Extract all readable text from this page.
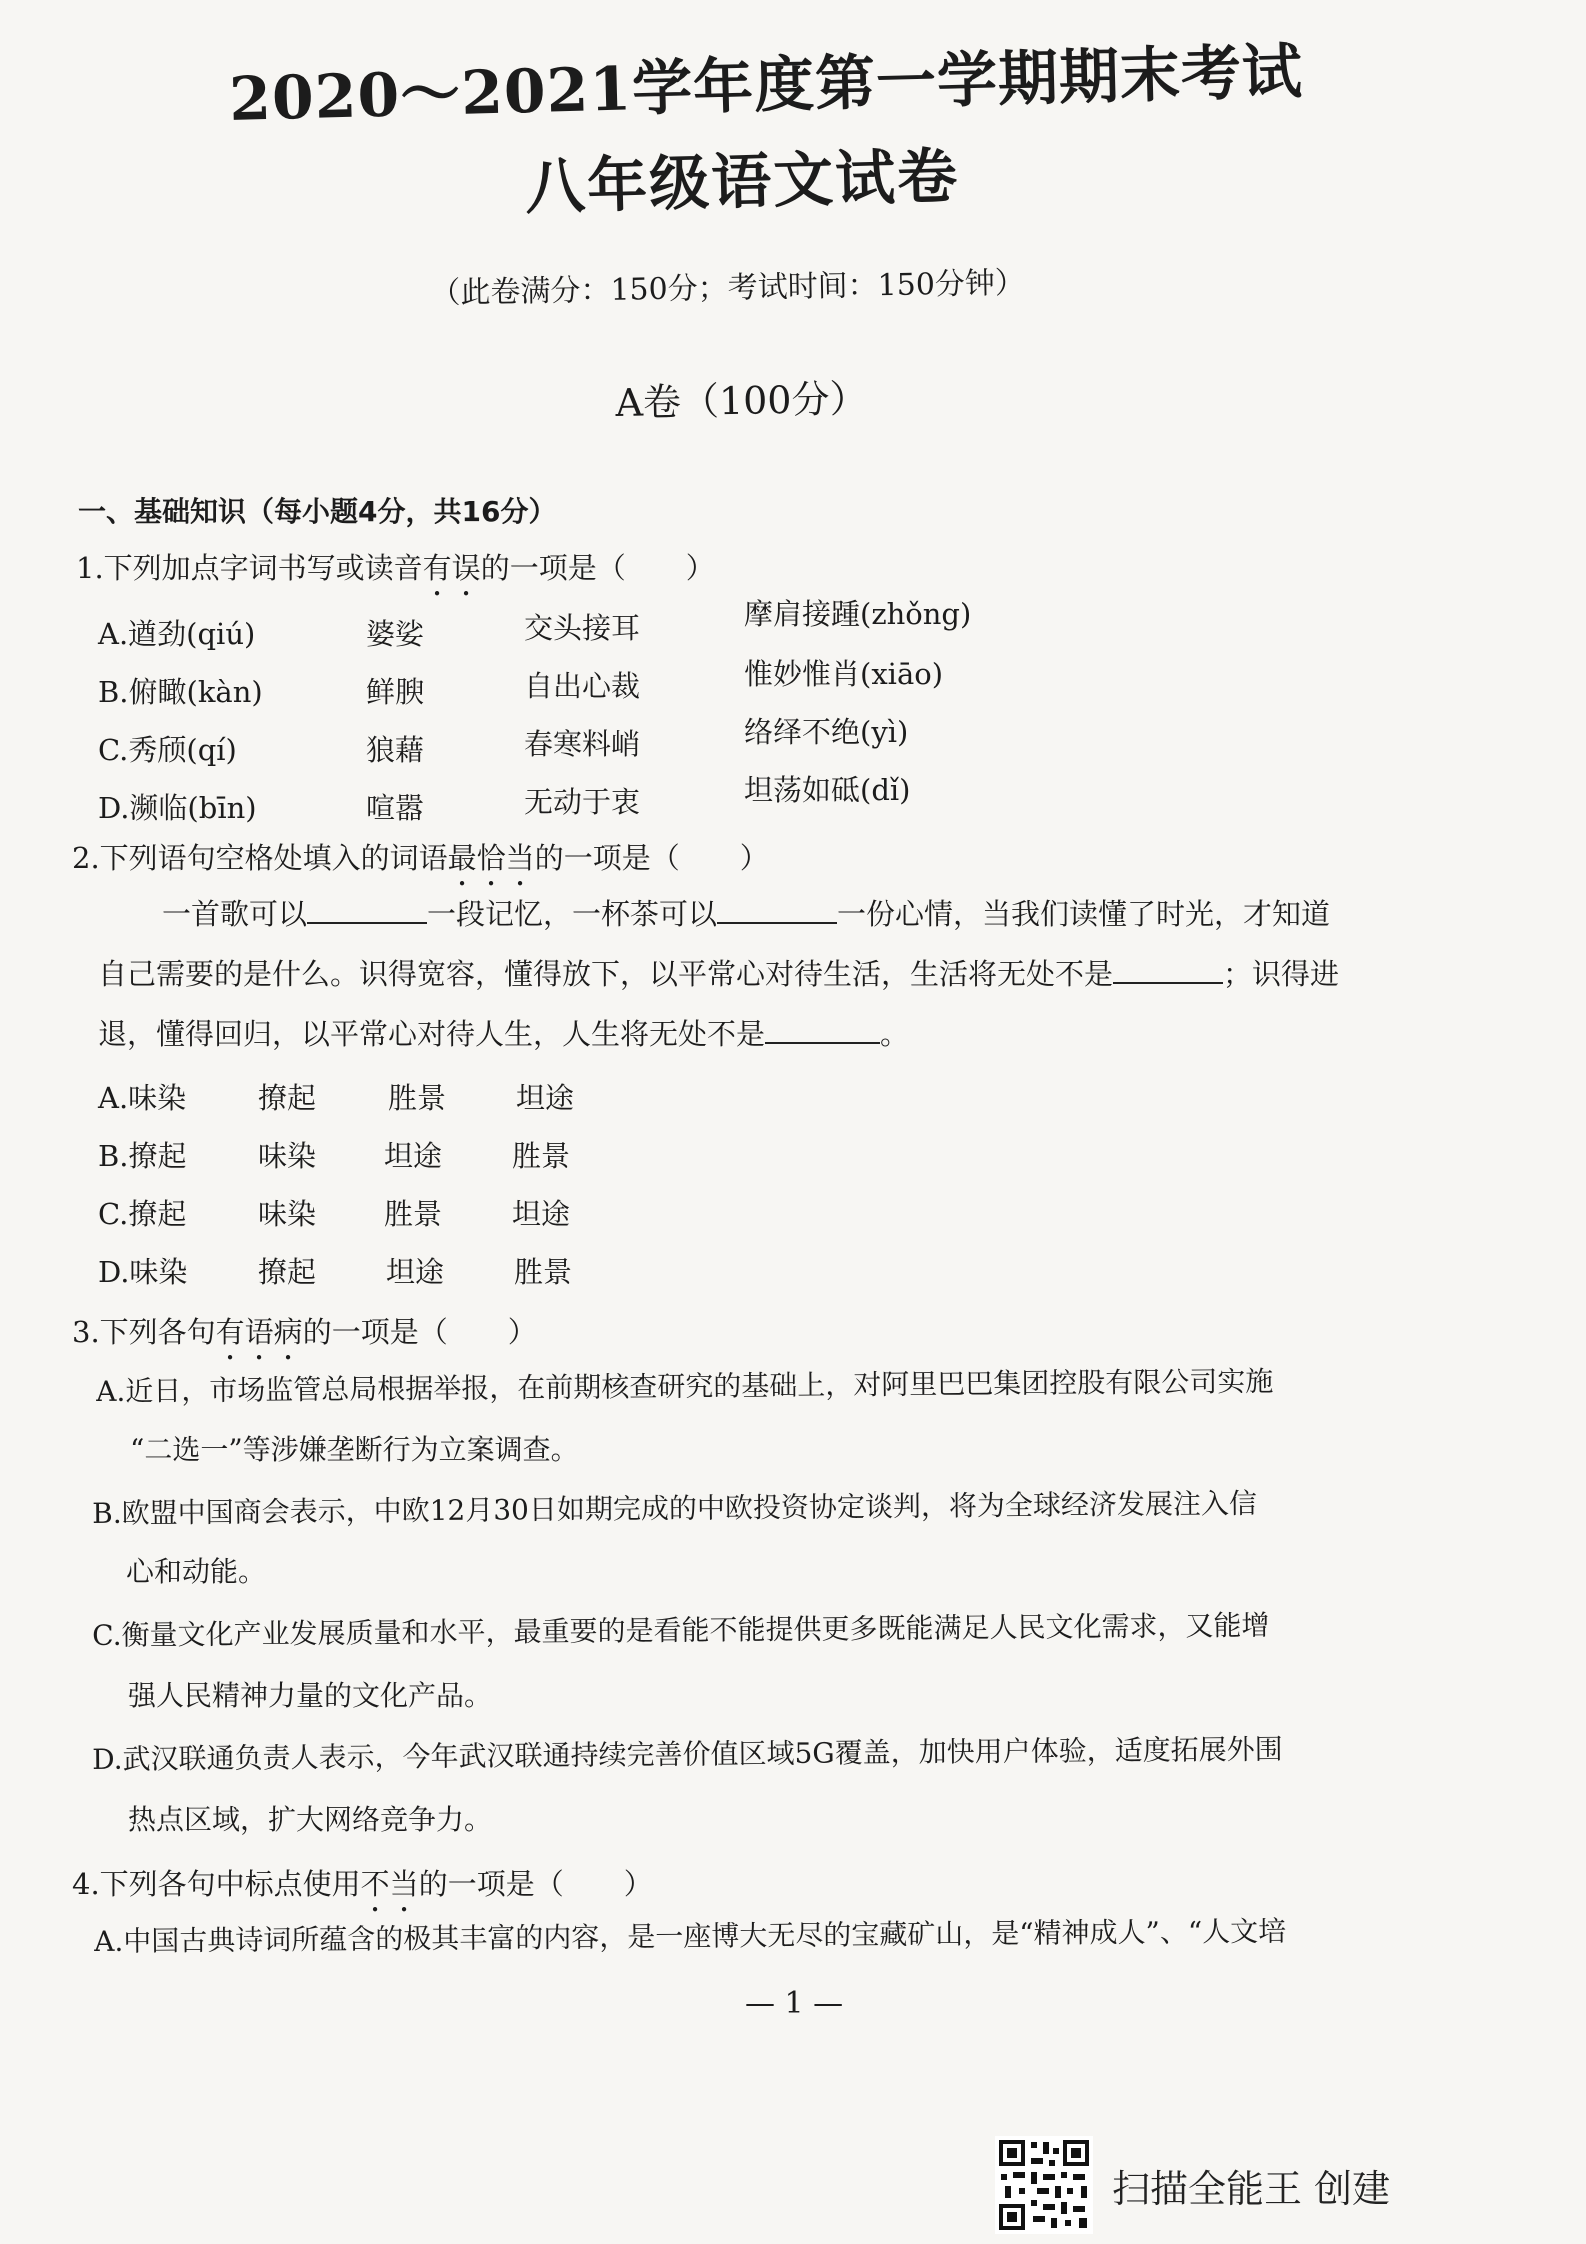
2020～2021学年度第一学期期末考试
八年级语文试卷
（此卷满分：150分；考试时间：150分钟）
A卷（100分）
一、基础知识（每小题4分，共16分）
1.下列加点字词书写或读音有误的一项是（ ）
A.遒劲(qiú)	婆娑	交头接耳	摩肩接踵(zhǒng)
B.俯瞰(kàn)	鲜腴	自出心裁	惟妙惟肖(xiāo)
C.秀颀(qí)	狼藉	春寒料峭	络绎不绝(yì)
D.濒临(bīn)	喧嚣	无动于衷	坦荡如砥(dǐ)
2.下列语句空格处填入的词语最恰当的一项是（ ）
一首歌可以	一段记忆，一杯茶可以	一份心情，当我们读懂了时光，才知道
自己需要的是什么。识得宽容，懂得放下，以平常心对待生活，生活将无处不是	；识得进
退，懂得回归，以平常心对待人生，人生将无处不是	。
A.味染 撩起 胜景 坦途
B.撩起 味染 坦途 胜景
C.撩起 味染 胜景 坦途
D.味染 撩起 坦途 胜景
3.下列各句有语病的一项是（ ）
A.近日，市场监管总局根据举报，在前期核查研究的基础上，对阿里巴巴集团控股有限公司实施
“二选一”等涉嫌垄断行为立案调查。
B.欧盟中国商会表示，中欧12月30日如期完成的中欧投资协定谈判，将为全球经济发展注入信
心和动能。
C.衡量文化产业发展质量和水平，最重要的是看能不能提供更多既能满足人民文化需求，又能增
强人民精神力量的文化产品。
D.武汉联通负责人表示，今年武汉联通持续完善价值区域5G覆盖，加快用户体验，适度拓展外围
热点区域，扩大网络竞争力。
4.下列各句中标点使用不当的一项是（ ）
A.中国古典诗词所蕴含的极其丰富的内容，是一座博大无尽的宝藏矿山，是“精神成人”、“人文培
— 1 —
扫描全能王 创建
